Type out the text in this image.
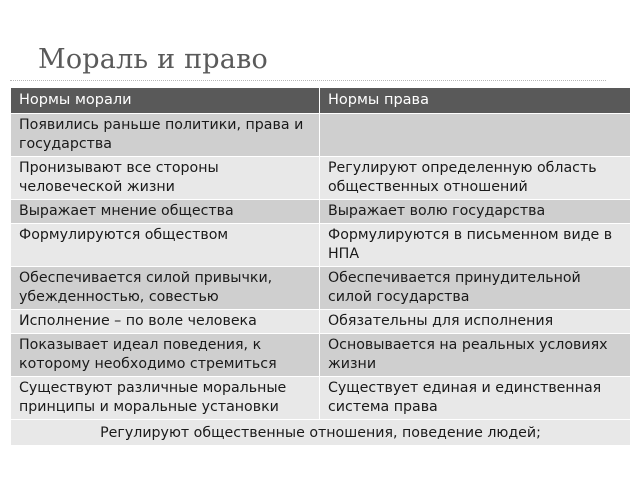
Мораль и право
Нормы морали	Нормы права
Появились раньше политики, права и государства	
Пронизывают все стороны человеческой жизни	Регулируют определенную область общественных отношений
Выражает мнение общества	Выражает волю государства
Формулируются обществом	Формулируются в письменном виде в НПА
Обеспечивается силой привычки, убежденностью, совестью	Обеспечивается принудительной силой государства
Исполнение – по воле человека	Обязательны для исполнения
Показывает идеал поведения, к которому необходимо стремиться	Основывается на реальных условиях жизни
Существуют различные моральные принципы и моральные установки	Существует единая и единственная система права
Регулируют общественные отношения, поведение людей;	
